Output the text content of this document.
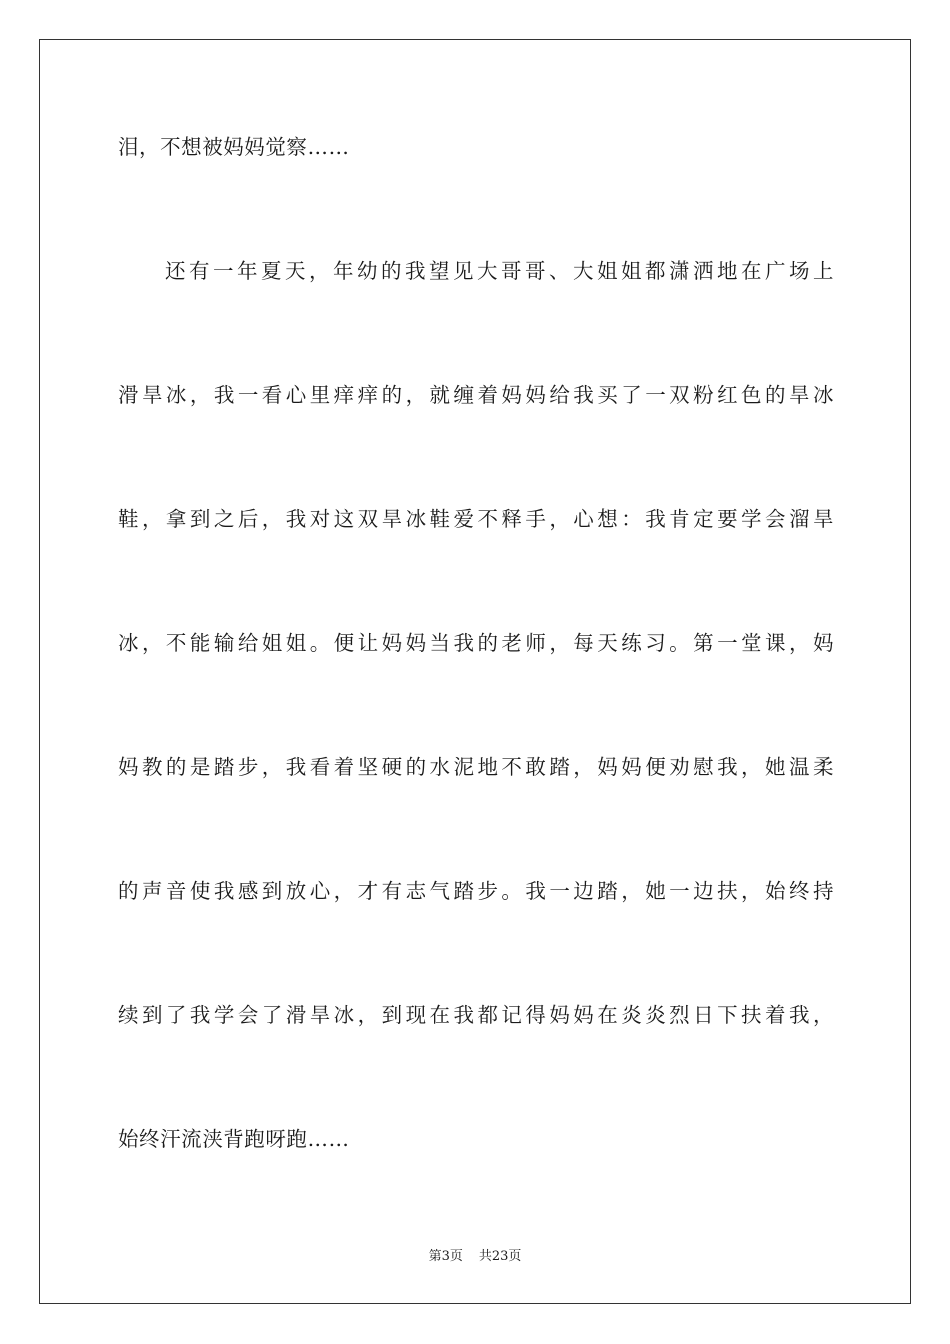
泪，不想被妈妈觉察……
还有一年夏天，年幼的我望见大哥哥、大姐姐都潇洒地在广场上
滑旱冰，我一看心里痒痒的，就缠着妈妈给我买了一双粉红色的旱冰
鞋，拿到之后，我对这双旱冰鞋爱不释手，心想：我肯定要学会溜旱
冰，不能输给姐姐。便让妈妈当我的老师，每天练习。第一堂课，妈
妈教的是踏步，我看着坚硬的水泥地不敢踏，妈妈便劝慰我，她温柔
的声音使我感到放心，才有志气踏步。我一边踏，她一边扶，始终持
续到了我学会了滑旱冰，到现在我都记得妈妈在炎炎烈日下扶着我，
始终汗流浃背跑呀跑……
第3页 共23页
